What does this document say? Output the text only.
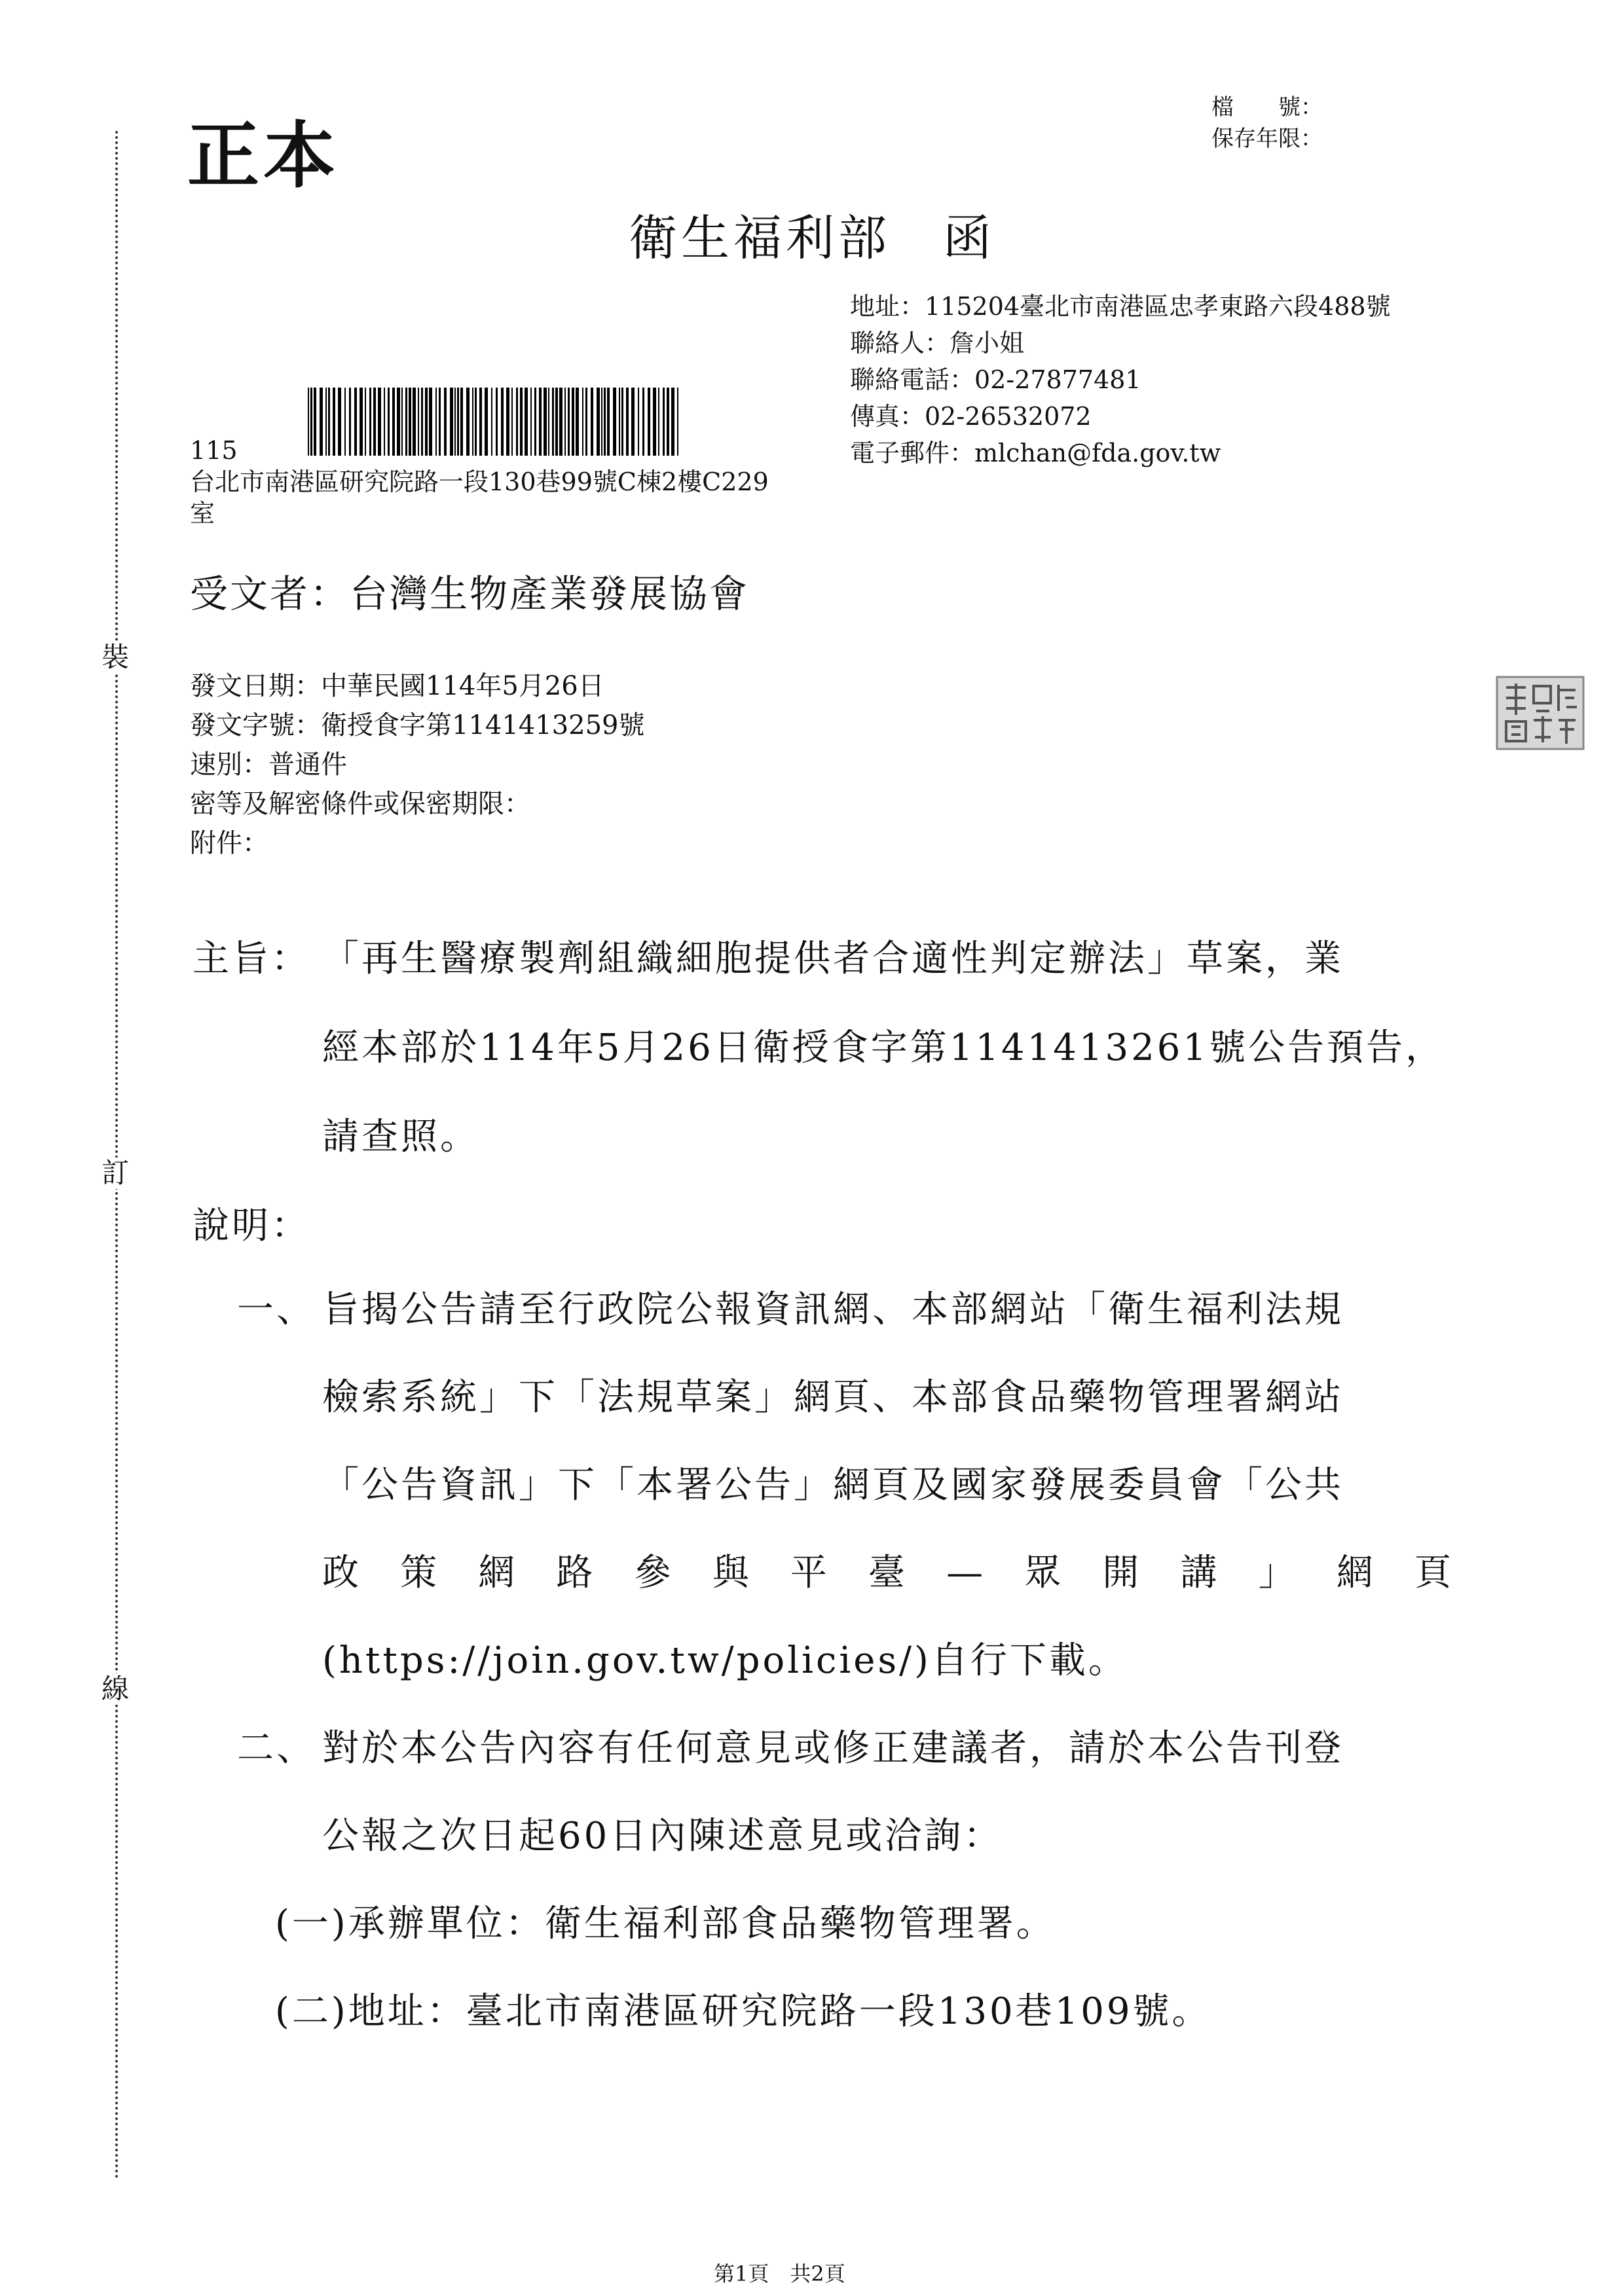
裝
訂
線
正本
檔　　號：
保存年限：
衛生福利部　函
地址：115204臺北市南港區忠孝東路六段488號
聯絡人：詹小姐
聯絡電話：02-27877481
傳真：02-26532072
電子郵件：mlchan@fda.gov.tw
115
台北市南港區研究院路一段130巷99號C棟2樓C229
室
受文者：台灣生物產業發展協會
發文日期：中華民國114年5月26日
發文字號：衛授食字第1141413259號
速別：普通件
密等及解密條件或保密期限：
附件：
主旨： 「再生醫療製劑組織細胞提供者合適性判定辦法」草案，業
經本部於114年5月26日衛授食字第1141413261號公告預告，
請查照。
說明：
一、 旨揭公告請至行政院公報資訊網、本部網站「衛生福利法規
檢索系統」下「法規草案」網頁、本部食品藥物管理署網站
「公告資訊」下「本署公告」網頁及國家發展委員會「公共
政 策 網 路 參 與 平 臺 — 眾 開 講 」 網 頁
(https://join.gov.tw/policies/)自行下載。
二、 對於本公告內容有任何意見或修正建議者，請於本公告刊登
公報之次日起60日內陳述意見或洽詢：
(一)承辦單位：衛生福利部食品藥物管理署。
(二)地址：臺北市南港區研究院路一段130巷109號。
第1頁　共2頁
